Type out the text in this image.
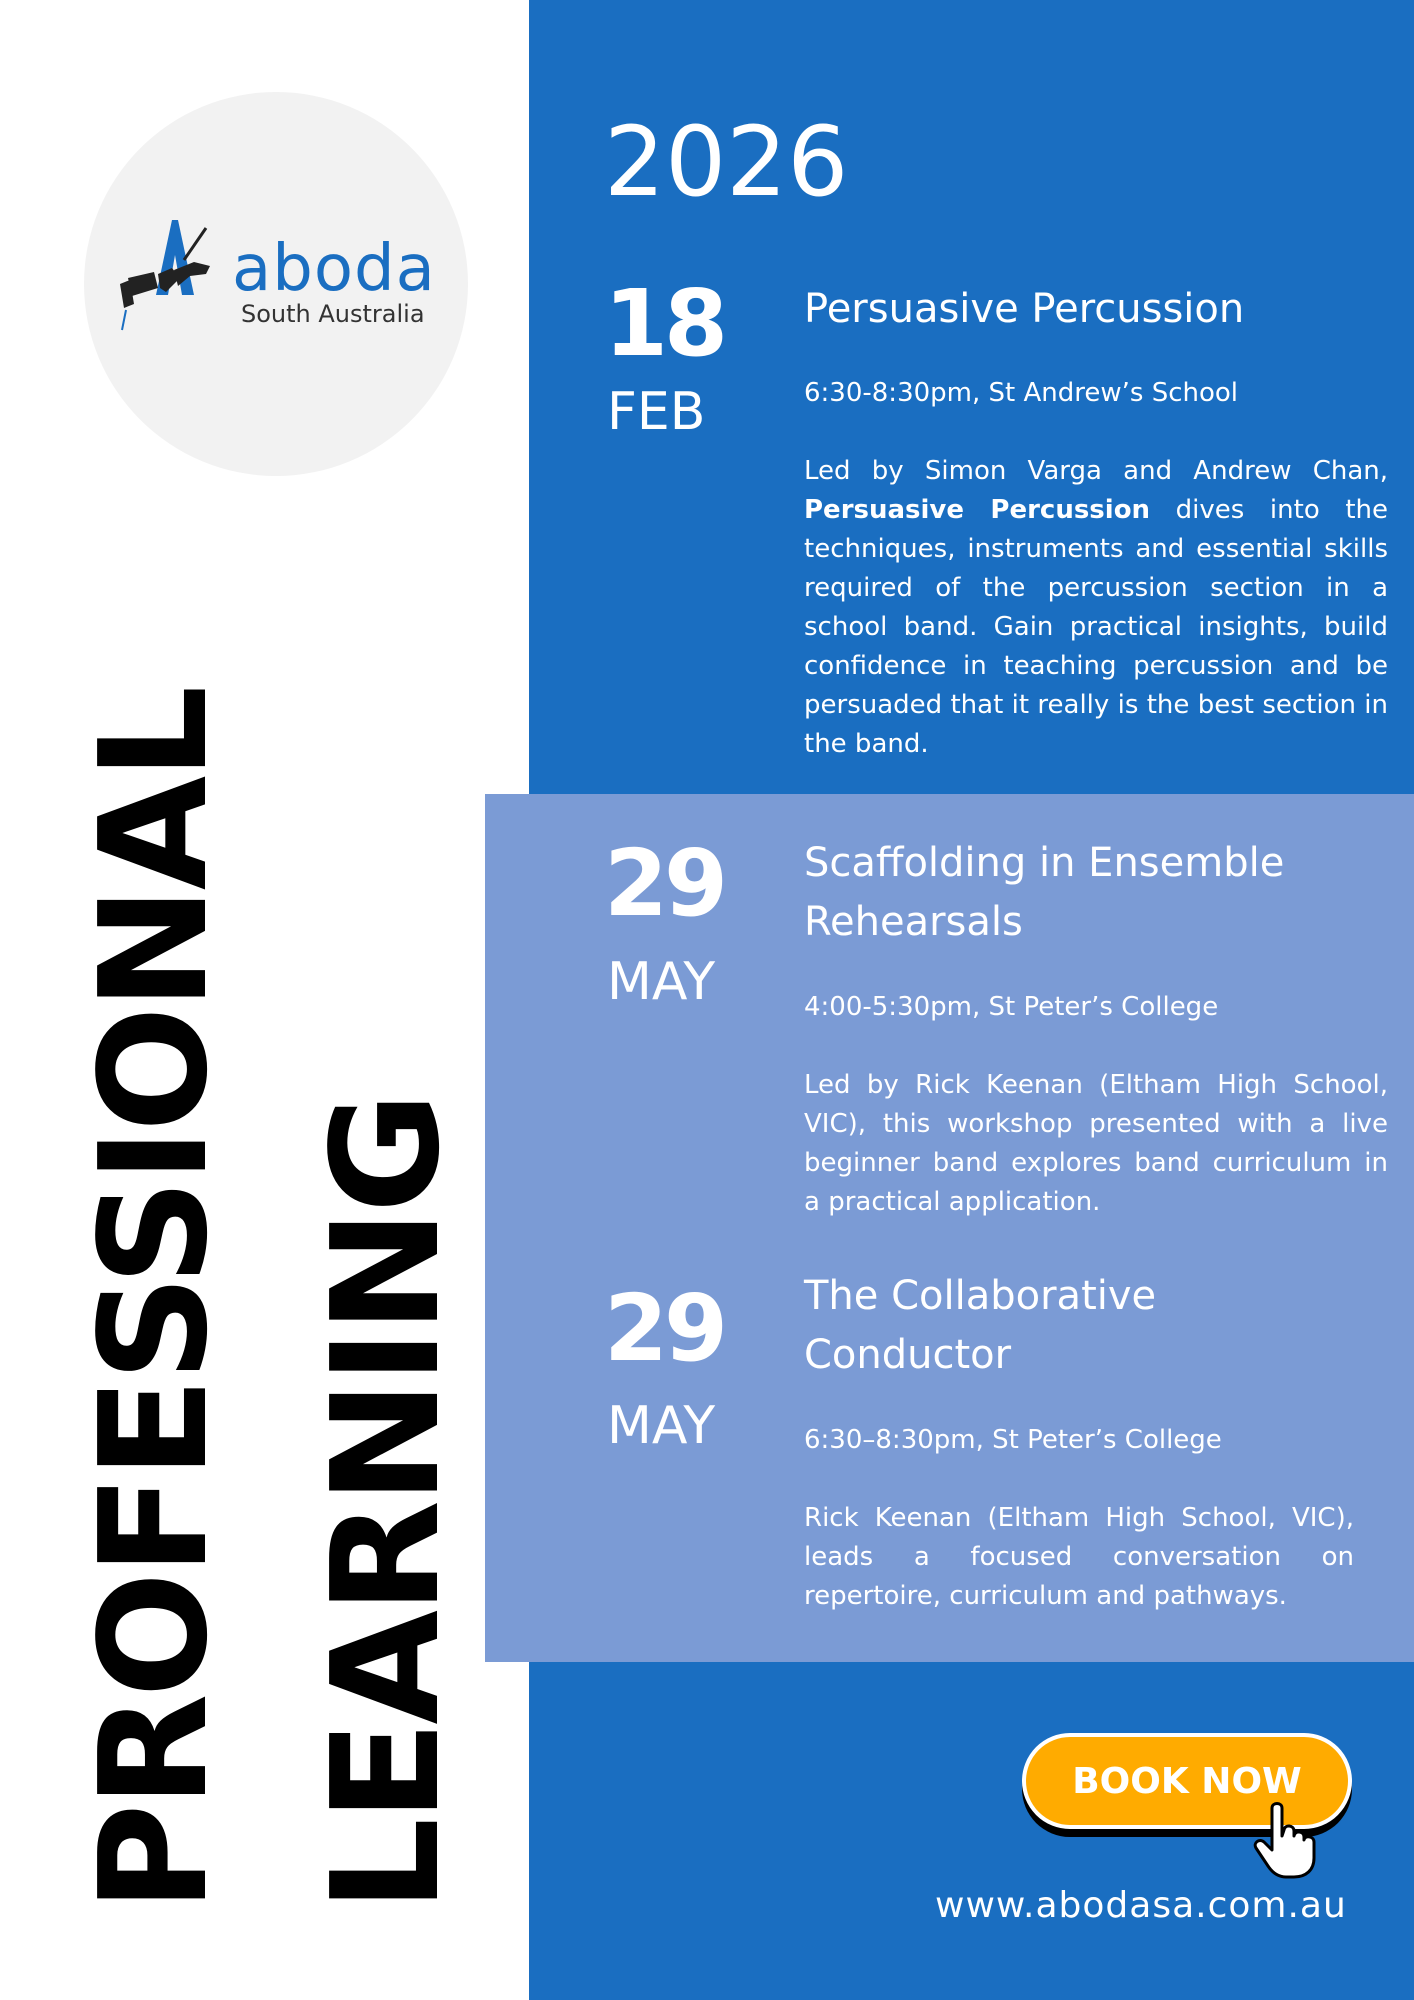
aboda
South Australia
PROFESSIONAL LEARNING
2026
18
FEB
Persuasive Percussion
6:30-8:30pm, St Andrew’s School
Led by Simon Varga and Andrew Chan, Persuasive Percussion dives into the techniques, instruments and essential skills required of the percussion section in a school band. Gain practical insights, build confidence in teaching percussion and be persuaded that it really is the best section in the band.
29
MAY
Scaffolding in Ensemble Rehearsals
4:00-5:30pm, St Peter’s College
Led by Rick Keenan (Eltham High School, VIC), this workshop presented with a live beginner band explores band curriculum in a practical application.
29
MAY
The Collaborative Conductor
6:30–8:30pm, St Peter’s College
Rick Keenan (Eltham High School, VIC), leads a focused conversation on repertoire, curriculum and pathways.
BOOK NOW
www.abodasa.com.au
